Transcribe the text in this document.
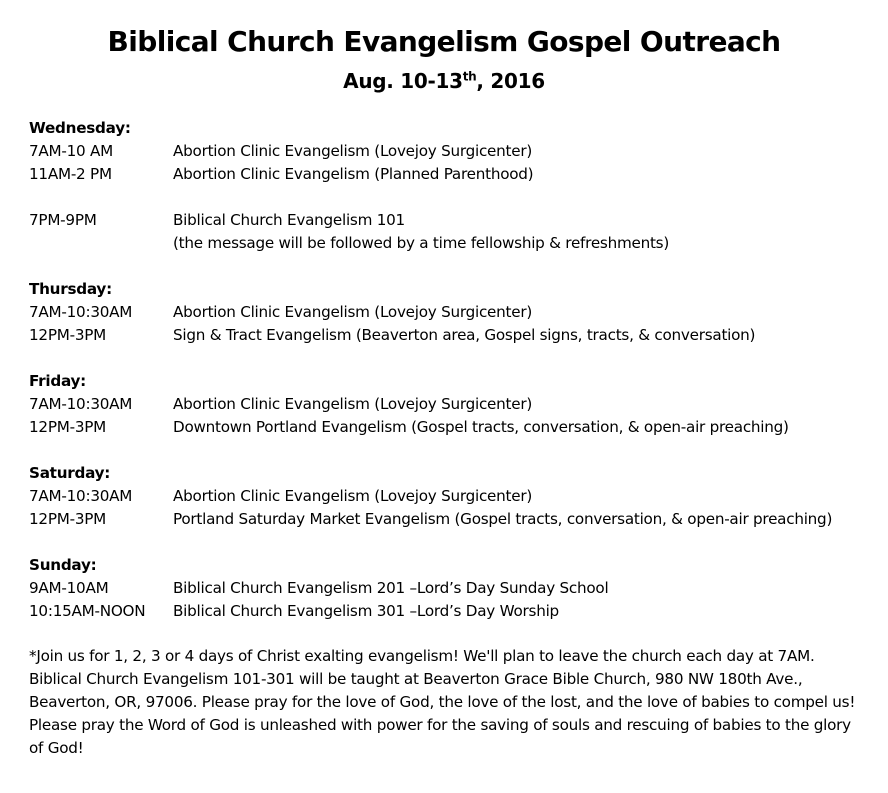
Biblical Church Evangelism Gospel Outreach
Aug. 10-13th, 2016
Wednesday:
7AM-10 AM	Abortion Clinic Evangelism (Lovejoy Surgicenter)
11AM-2 PM	Abortion Clinic Evangelism (Planned Parenthood)
7PM-9PM	Biblical Church Evangelism 101
(the message will be followed by a time fellowship & refreshments)
Thursday:
7AM-10:30AM	Abortion Clinic Evangelism (Lovejoy Surgicenter)
12PM-3PM	Sign & Tract Evangelism (Beaverton area, Gospel signs, tracts, & conversation)
Friday:
7AM-10:30AM	Abortion Clinic Evangelism (Lovejoy Surgicenter)
12PM-3PM	Downtown Portland Evangelism (Gospel tracts, conversation, & open-air preaching)
Saturday:
7AM-10:30AM	Abortion Clinic Evangelism (Lovejoy Surgicenter)
12PM-3PM	Portland Saturday Market Evangelism (Gospel tracts, conversation, & open-air preaching)
Sunday:
9AM-10AM	Biblical Church Evangelism 201 –Lord’s Day Sunday School
10:15AM-NOON	Biblical Church Evangelism 301 –Lord’s Day Worship
*Join us for 1, 2, 3 or 4 days of Christ exalting evangelism! We'll plan to leave the church each day at 7AM. Biblical Church Evangelism 101-301 will be taught at Beaverton Grace Bible Church, 980 NW 180th Ave., Beaverton, OR, 97006. Please pray for the love of God, the love of the lost, and the love of babies to compel us! Please pray the Word of God is unleashed with power for the saving of souls and rescuing of babies to the glory of God!
